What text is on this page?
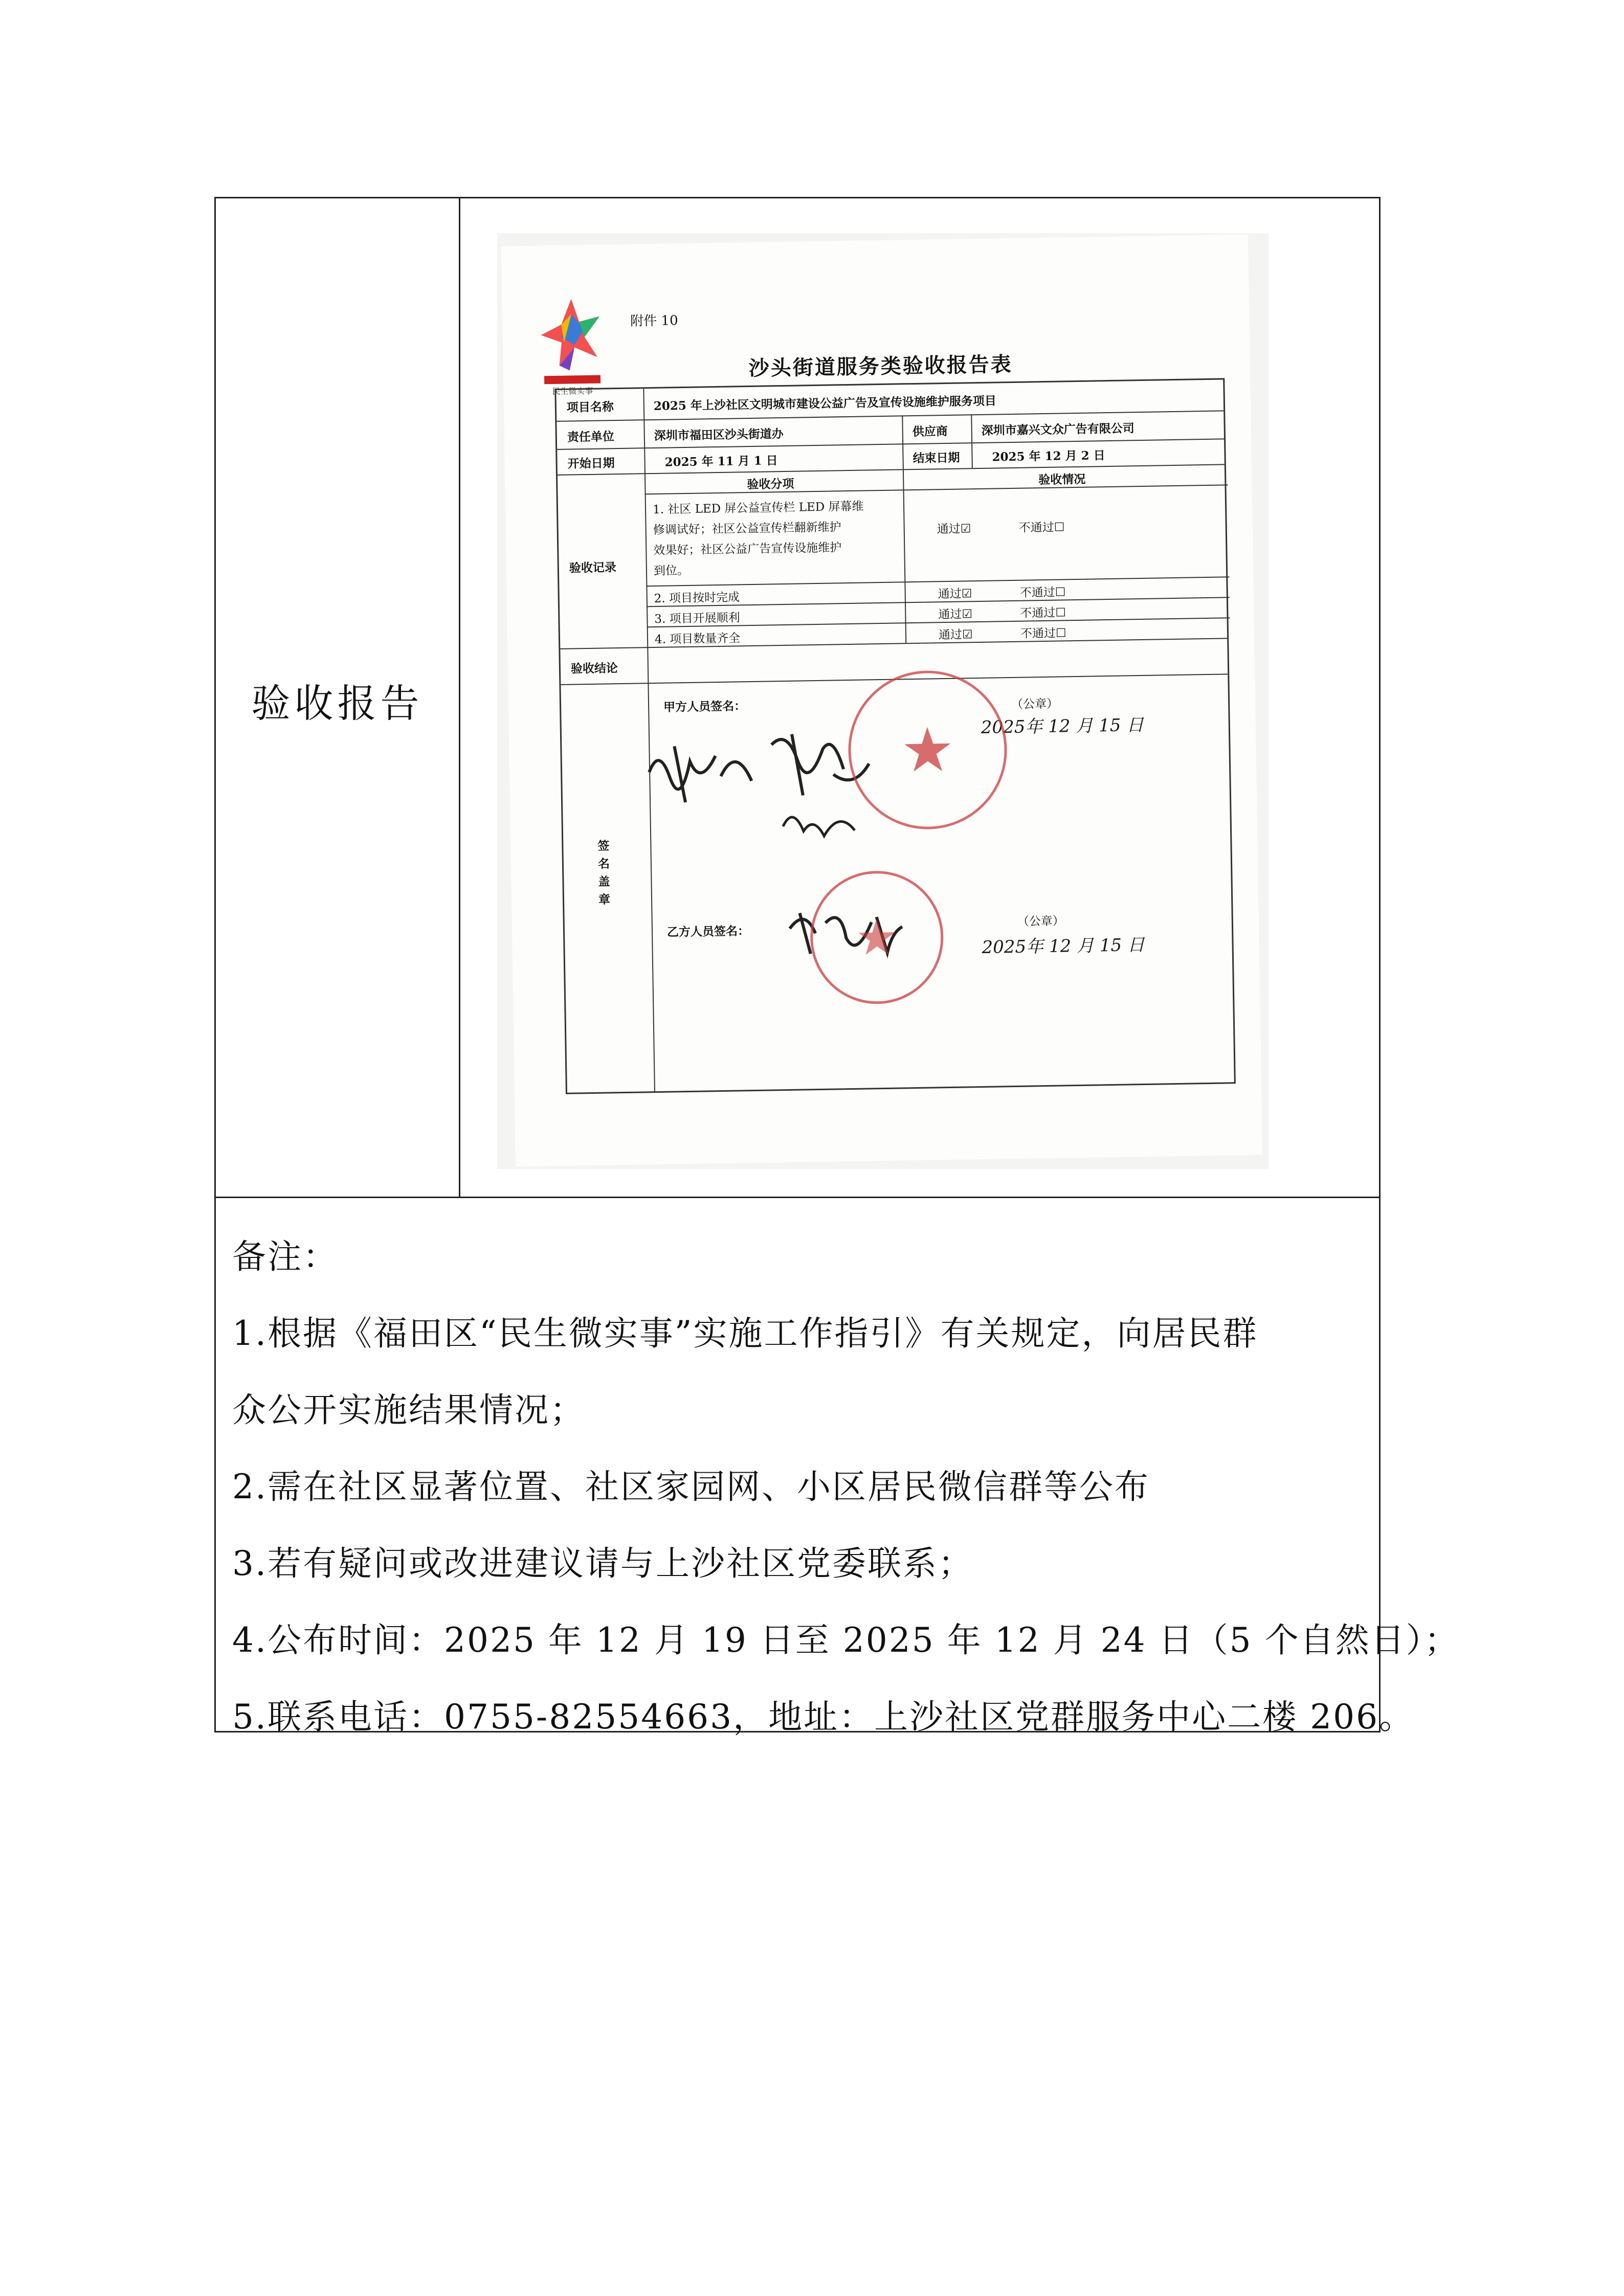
验收报告
民生微实事
附件 10
沙头街道服务类验收报告表
项目名称	2025 年上沙社区文明城市建设公益广告及宣传设施维护服务项目
责任单位	深圳市福田区沙头街道办	供应商	深圳市嘉兴文众广告有限公司
开始日期	2025 年 11 月 1 日	结束日期	2025 年 12 月 2 日
验收分项	验收情况
验收记录
1. 社区 LED 屏公益宣传栏 LED 屏幕维
修调试好；社区公益宣传栏翻新维护
效果好；社区公益广告宣传设施维护
到位。
通过☑	不通过☐
2. 项目按时完成	通过☑	不通过☐
3. 项目开展顺利	通过☑	不通过☐
4. 项目数量齐全	通过☑	不通过☐
验收结论
签名盖章
甲方人员签名：	（公章）
2025年 12 月 15 日
乙方人员签名：
（公章）
2025年 12 月 15 日
备注：
1.根据《福田区“民生微实事”实施工作指引》有关规定，向居民群
众公开实施结果情况；
2.需在社区显著位置、社区家园网、小区居民微信群等公布
3.若有疑问或改进建议请与上沙社区党委联系；
4.公布时间：2025 年 12 月 19 日至 2025 年 12 月 24 日（5 个自然日）；
5.联系电话：0755-82554663，地址：上沙社区党群服务中心二楼 206。
